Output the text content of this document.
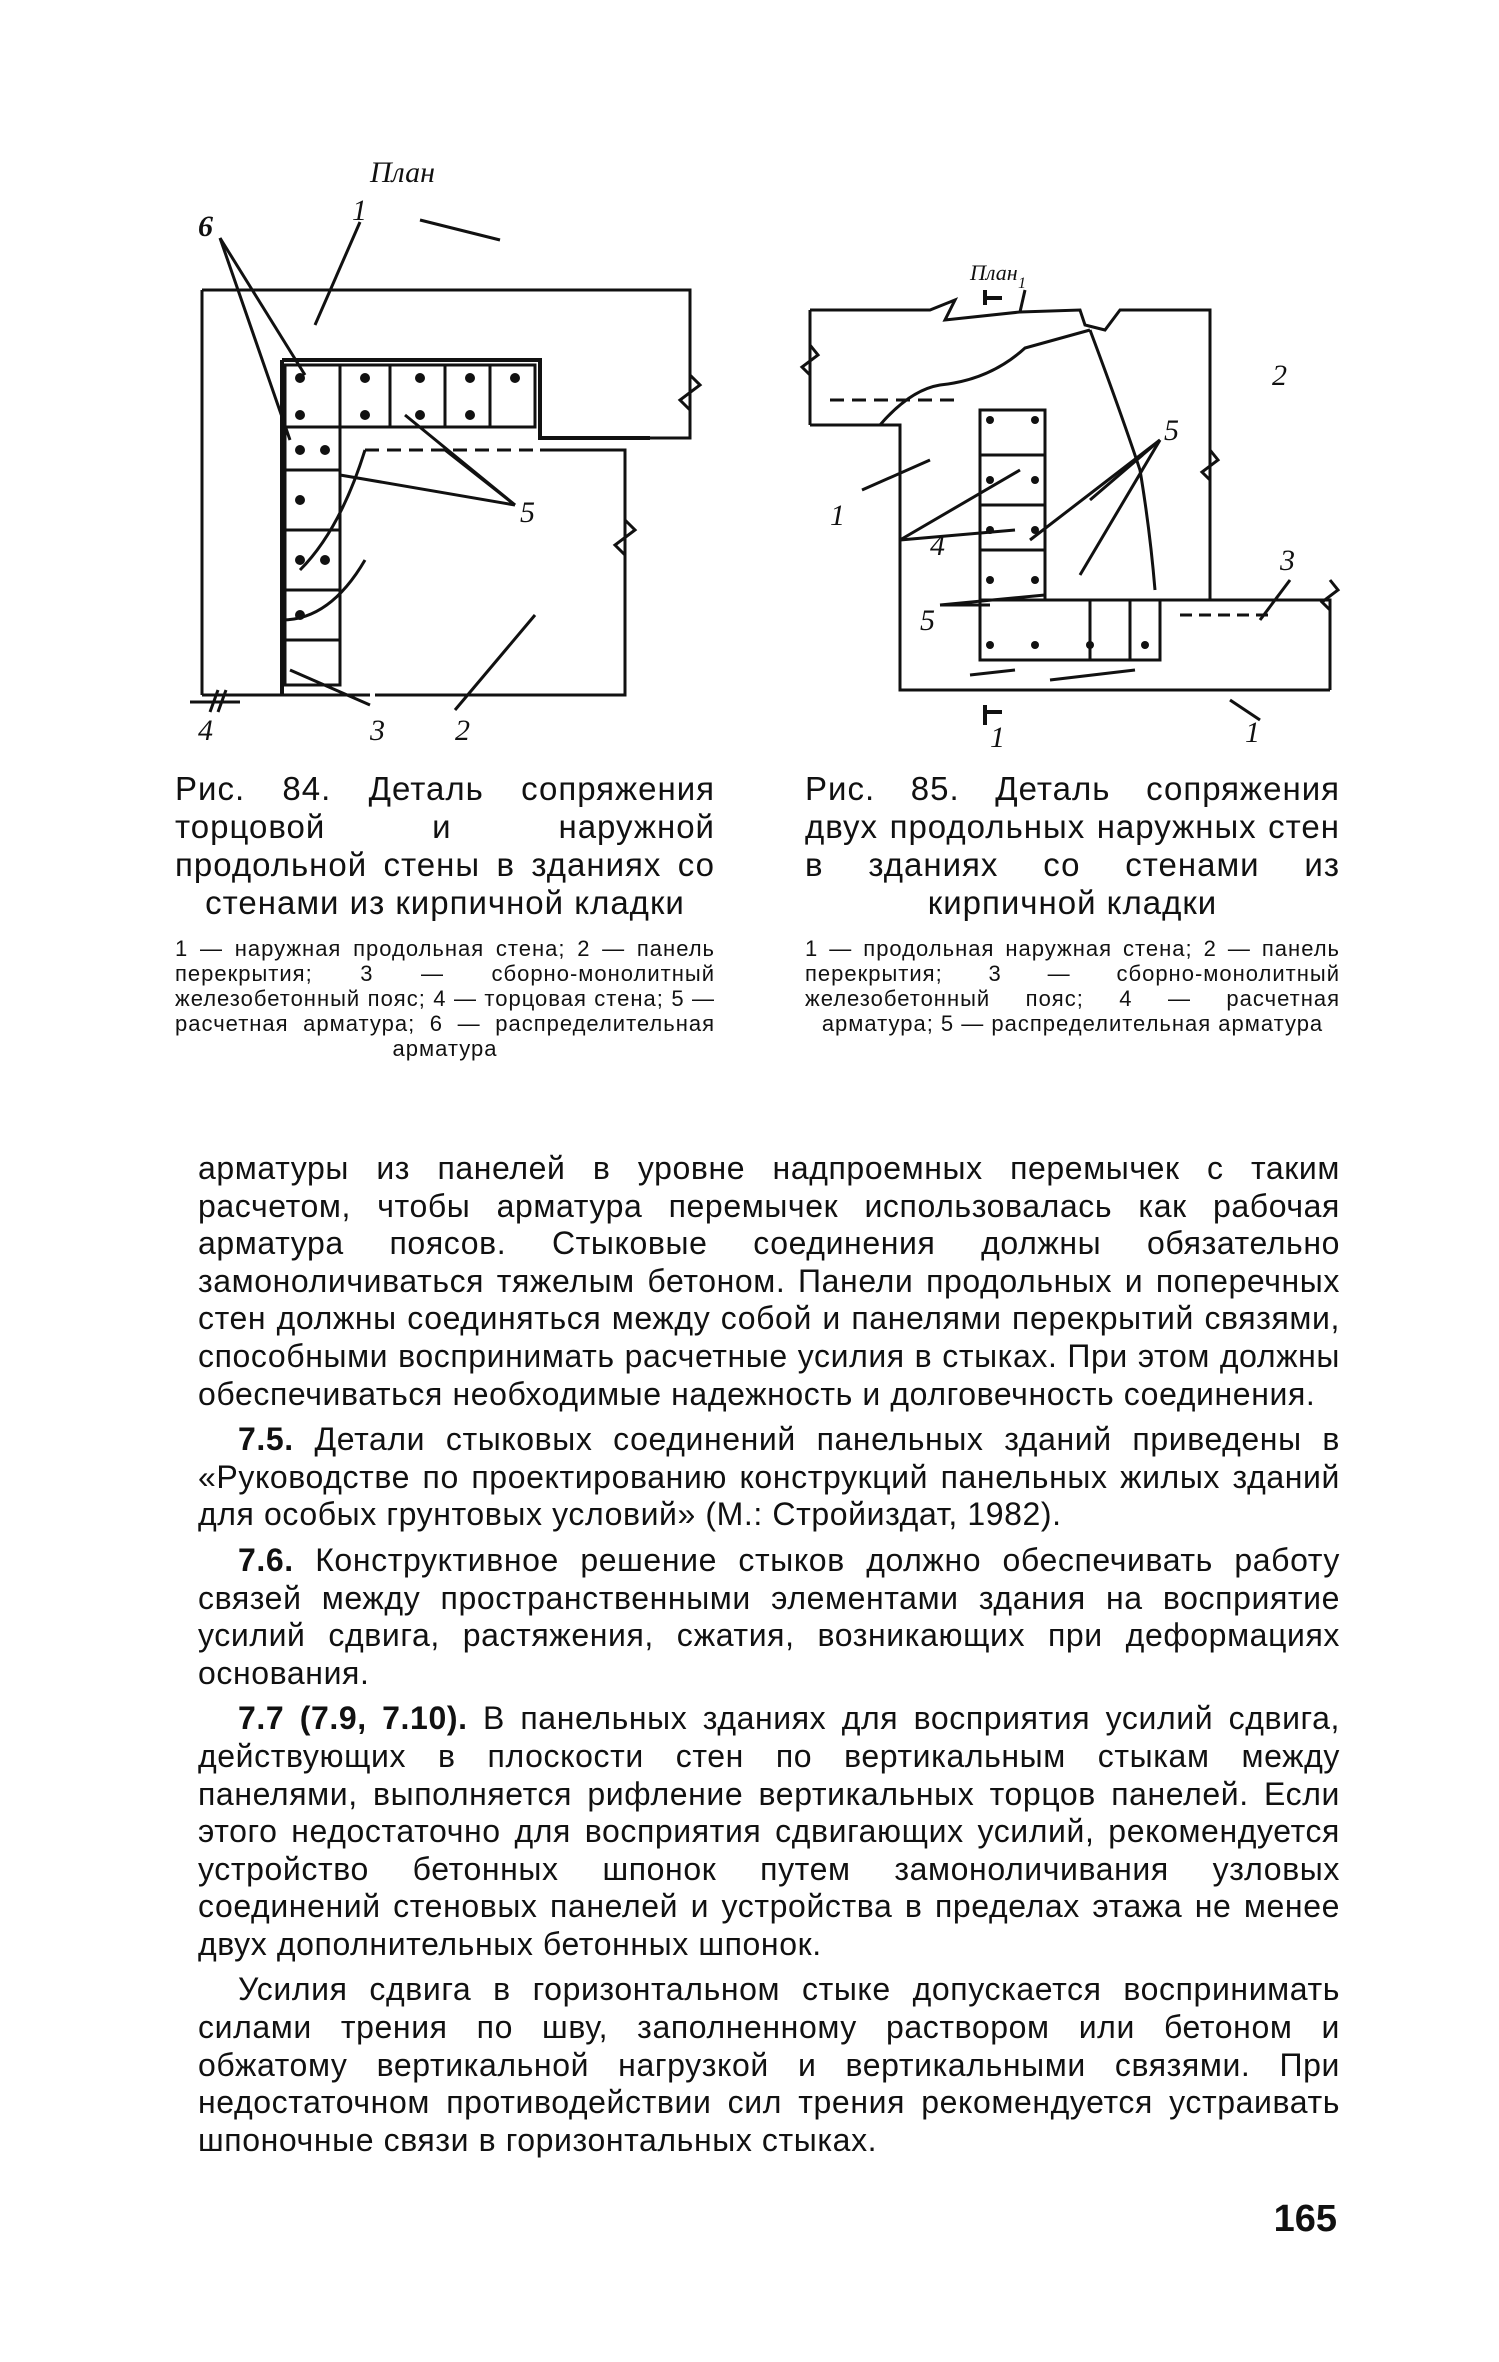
План
6	1
5
4	3 2
План 1
2
5
4
5
1
3
1	1
Рис. 84. Деталь сопряжения торцовой и наружной продольной стены в зданиях со стенами из кирпичной кладки
1 — наружная продольная стена; 2 — панель перекрытия; 3 — сборно-монолитный железобетонный пояс; 4 — торцовая стена; 5 — расчетная арматура; 6 — распределительная арматура
Рис. 85. Деталь сопряжения двух продольных наружных стен в зданиях со стенами из кирпичной кладки
1 — продольная наружная стена; 2 — панель перекрытия; 3 — сборно-монолитный железобетонный пояс; 4 — расчетная арматура; 5 — распределительная арматура

арматуры из панелей в уровне надпроемных перемычек с таким расчетом, чтобы арматура перемычек использовалась как рабочая арматура поясов. Стыковые соединения должны обязательно замоноличиваться тяжелым бетоном. Панели продольных и поперечных стен должны соединяться между собой и панелями перекрытий связями, способными воспринимать расчетные усилия в стыках. При этом должны обеспечиваться необходимые надежность и долговечность соединения.

7.5. Детали стыковых соединений панельных зданий приведены в «Руководстве по проектированию конструкций панельных жилых зданий для особых грунтовых условий» (М.: Стройиздат, 1982).

7.6. Конструктивное решение стыков должно обеспечивать работу связей между пространственными элементами здания на восприятие усилий сдвига, растяжения, сжатия, возникающих при деформациях основания.

7.7 (7.9, 7.10). В панельных зданиях для восприятия усилий сдвига, действующих в плоскости стен по вертикальным стыкам между панелями, выполняется рифление вертикальных торцов панелей. Если этого недостаточно для восприятия сдвигающих усилий, рекомендуется устройство бетонных шпонок путем замоноличивания узловых соединений стеновых панелей и устройства в пределах этажа не менее двух дополнительных бетонных шпонок.

Усилия сдвига в горизонтальном стыке допускается воспринимать силами трения по шву, заполненному раствором или бетоном и обжатому вертикальной нагрузкой и вертикальными связями. При недостаточном противодействии сил трения рекомендуется устраивать шпоночные связи в горизонтальных стыках.

165
